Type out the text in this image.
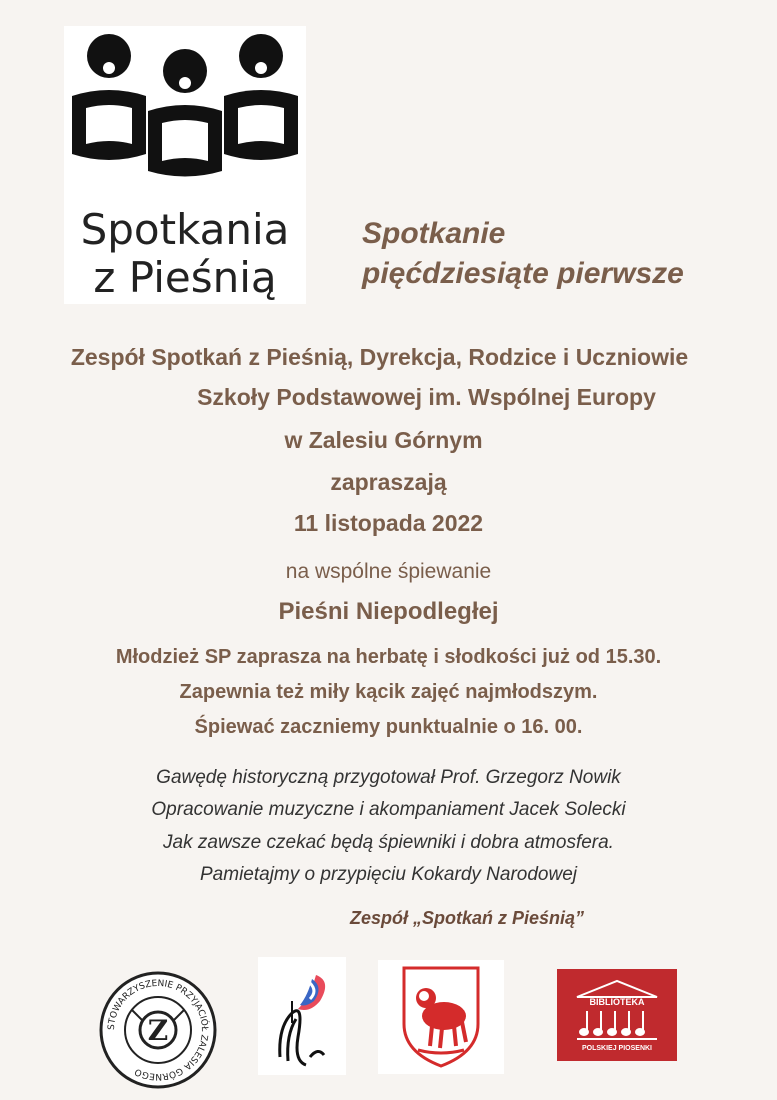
Spotkania
z Pieśnią
Spotkanie
pięćdziesiąte pierwsze
Zespół Spotkań z Pieśnią, Dyrekcja, Rodzice i Uczniowie
Szkoły Podstawowej im. Wspólnej Europy
w Zalesiu Górnym
zapraszają
11 listopada 2022
na wspólne śpiewanie
Pieśni Niepodległej
Młodzież SP zaprasza na herbatę i słodkości już od 15.30.
Zapewnia też miły kącik zajęć najmłodszym.
Śpiewać zaczniemy punktualnie o 16. 00.
Gawędę historyczną przygotował Prof. Grzegorz Nowik
Opracowanie muzyczne i akompaniament Jacek Solecki
Jak zawsze czekać będą śpiewniki i dobra atmosfera.
Pamietajmy o przypięciu Kokardy Narodowej
Zespół „Spotkań z Pieśnią”
STOWARZYSZENIE PRZYJACIÓŁ ZALESIA GÓRNEGO
Z
BIBLIOTEKA
POLSKIEJ PIOSENKI
